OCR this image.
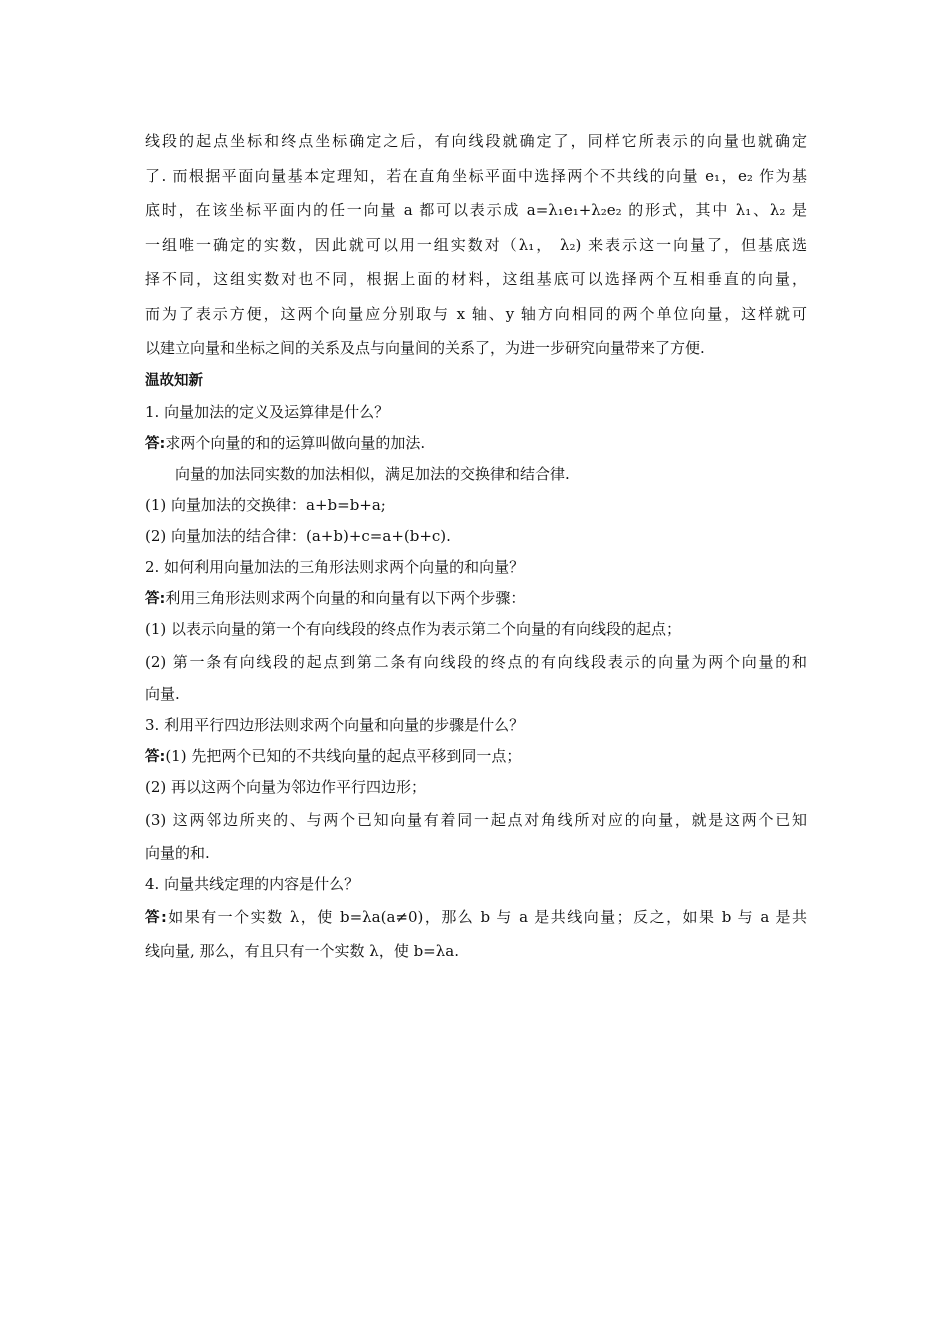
线段的起点坐标和终点坐标确定之后，有向线段就确定了，同样它所表示的向量也就确定
了. 而根据平面向量基本定理知，若在直角坐标平面中选择两个不共线的向量 e₁，e₂ 作为基
底时，在该坐标平面内的任一向量 a 都可以表示成 a=λ₁e₁+λ₂e₂ 的形式，其中 λ₁、λ₂ 是
一组唯一确定的实数，因此就可以用一组实数对（λ₁， λ₂) 来表示这一向量了，但基底选
择不同，这组实数对也不同，根据上面的材料，这组基底可以选择两个互相垂直的向量，
而为了表示方便，这两个向量应分别取与 x 轴、y 轴方向相同的两个单位向量，这样就可
以建立向量和坐标之间的关系及点与向量间的关系了，为进一步研究向量带来了方便.
温故知新
1. 向量加法的定义及运算律是什么？
答:求两个向量的和的运算叫做向量的加法.
向量的加法同实数的加法相似，满足加法的交换律和结合律.
(1) 向量加法的交换律：a+b=b+a;
(2) 向量加法的结合律：(a+b)+c=a+(b+c).
2. 如何利用向量加法的三角形法则求两个向量的和向量？
答:利用三角形法则求两个向量的和向量有以下两个步骤：
(1) 以表示向量的第一个有向线段的终点作为表示第二个向量的有向线段的起点；
(2) 第一条有向线段的起点到第二条有向线段的终点的有向线段表示的向量为两个向量的和
向量.
3. 利用平行四边形法则求两个向量和向量的步骤是什么？
答:(1) 先把两个已知的不共线向量的起点平移到同一点；
(2) 再以这两个向量为邻边作平行四边形；
(3) 这两邻边所夹的、与两个已知向量有着同一起点对角线所对应的向量，就是这两个已知
向量的和.
4. 向量共线定理的内容是什么？
答:如果有一个实数 λ，使 b=λa(a≠0)，那么 b 与 a 是共线向量；反之，如果 b 与 a 是共
线向量, 那么，有且只有一个实数 λ，使 b=λa.
